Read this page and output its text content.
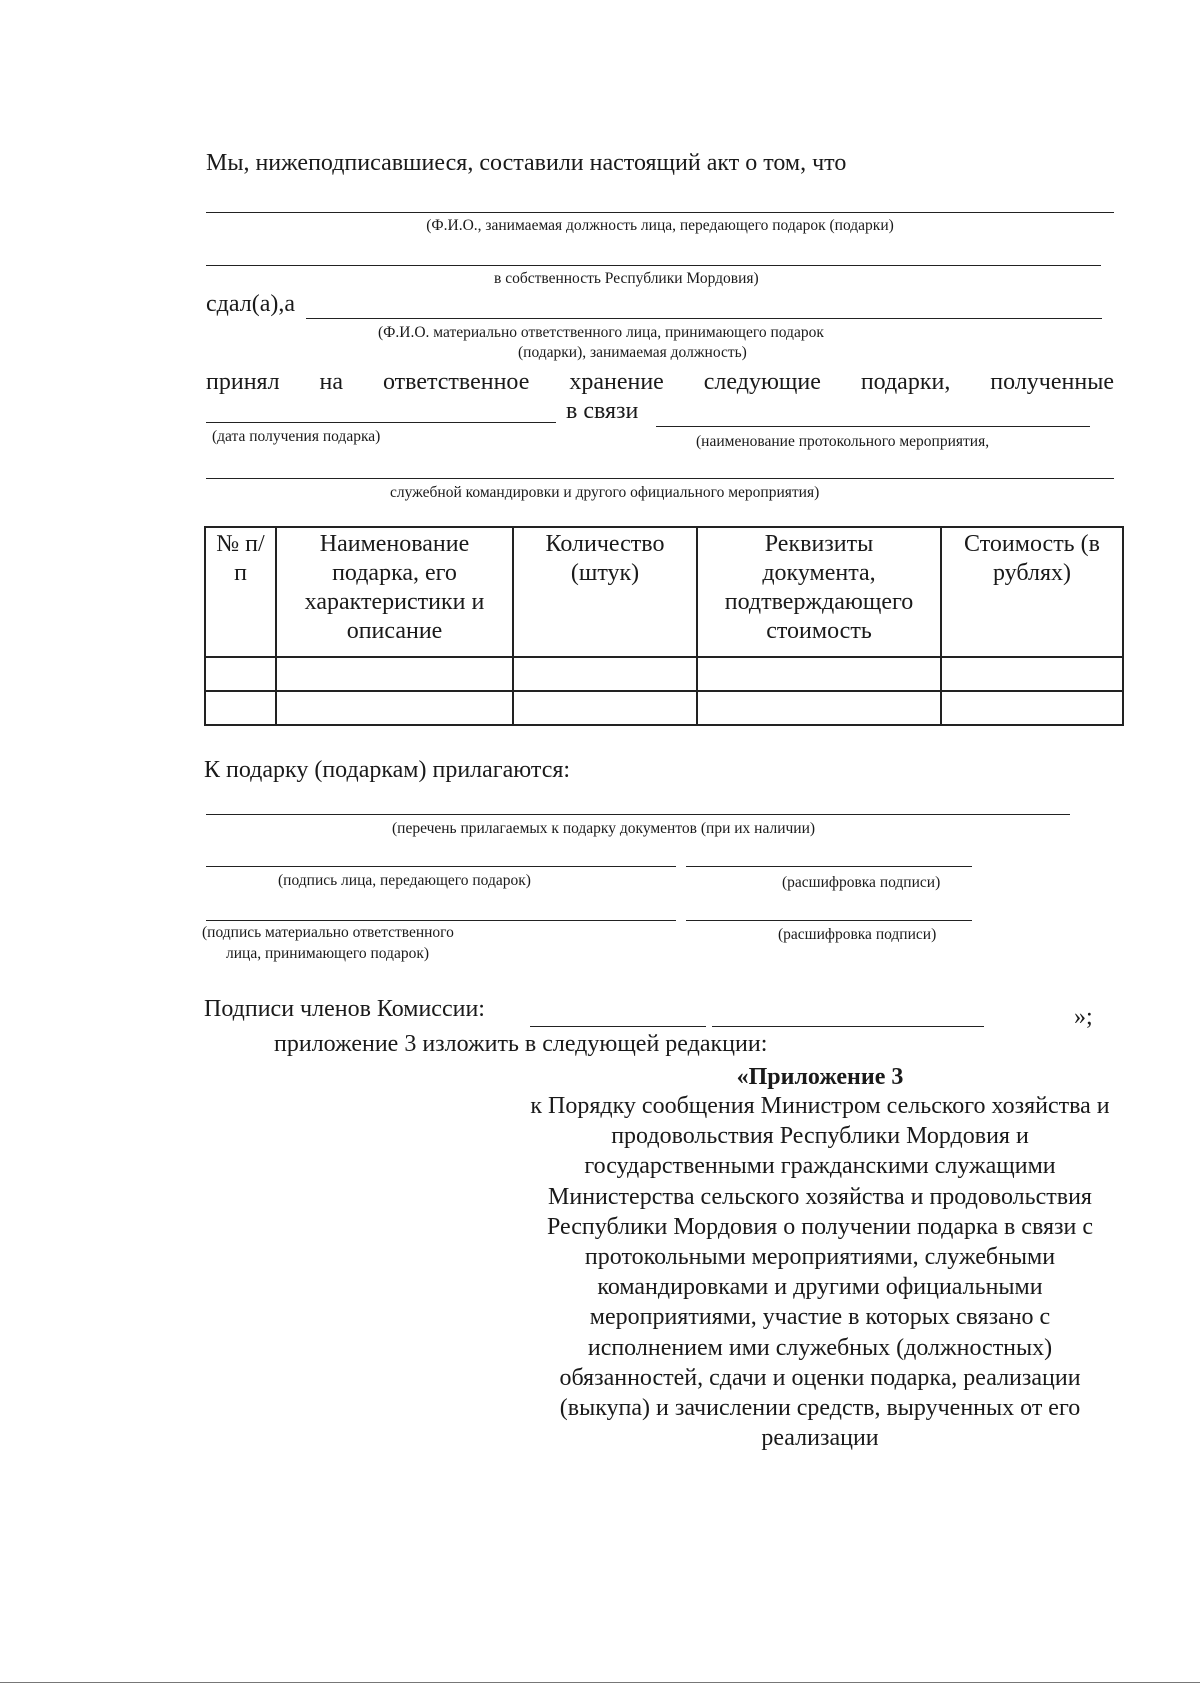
Мы, нижеподписавшиеся, составили настоящий акт о том, что
(Ф.И.О., занимаемая должность лица, передающего подарок (подарки)
в собственность Республики Мордовия)
сдал(а),а
(Ф.И.О. материально ответственного лица, принимающего подарок
(подарки), занимаемая должность)
принял на ответственное хранение следующие подарки, полученные
в связи
(дата получения подарка)	(наименование протокольного мероприятия,
служебной командировки и другого официального мероприятия)
№ п/п	Наименование подарка, его характеристики и описание	Количество (штук)	Реквизиты документа, подтверждающего стоимость	Стоимость (в рублях)

К подарку (подаркам) прилагаются:
(перечень прилагаемых к подарку документов (при их наличии)
(подпись лица, передающего подарок)	(расшифровка подписи)
(подпись материально ответственного
лица, принимающего подарок)
(расшифровка подписи)
Подписи членов Комиссии:	»;
приложение 3 изложить в следующей редакции:
«Приложение 3
к Порядку сообщения Министром сельского хозяйства и продовольствия Республики Мордовия и государственными гражданскими служащими Министерства сельского хозяйства и продовольствия Республики Мордовия о получении подарка в связи с протокольными мероприятиями, служебными командировками и другими официальными мероприятиями, участие в которых связано с исполнением ими служебных (должностных) обязанностей, сдачи и оценки подарка, реализации (выкупа) и зачислении средств, вырученных от его реализации
